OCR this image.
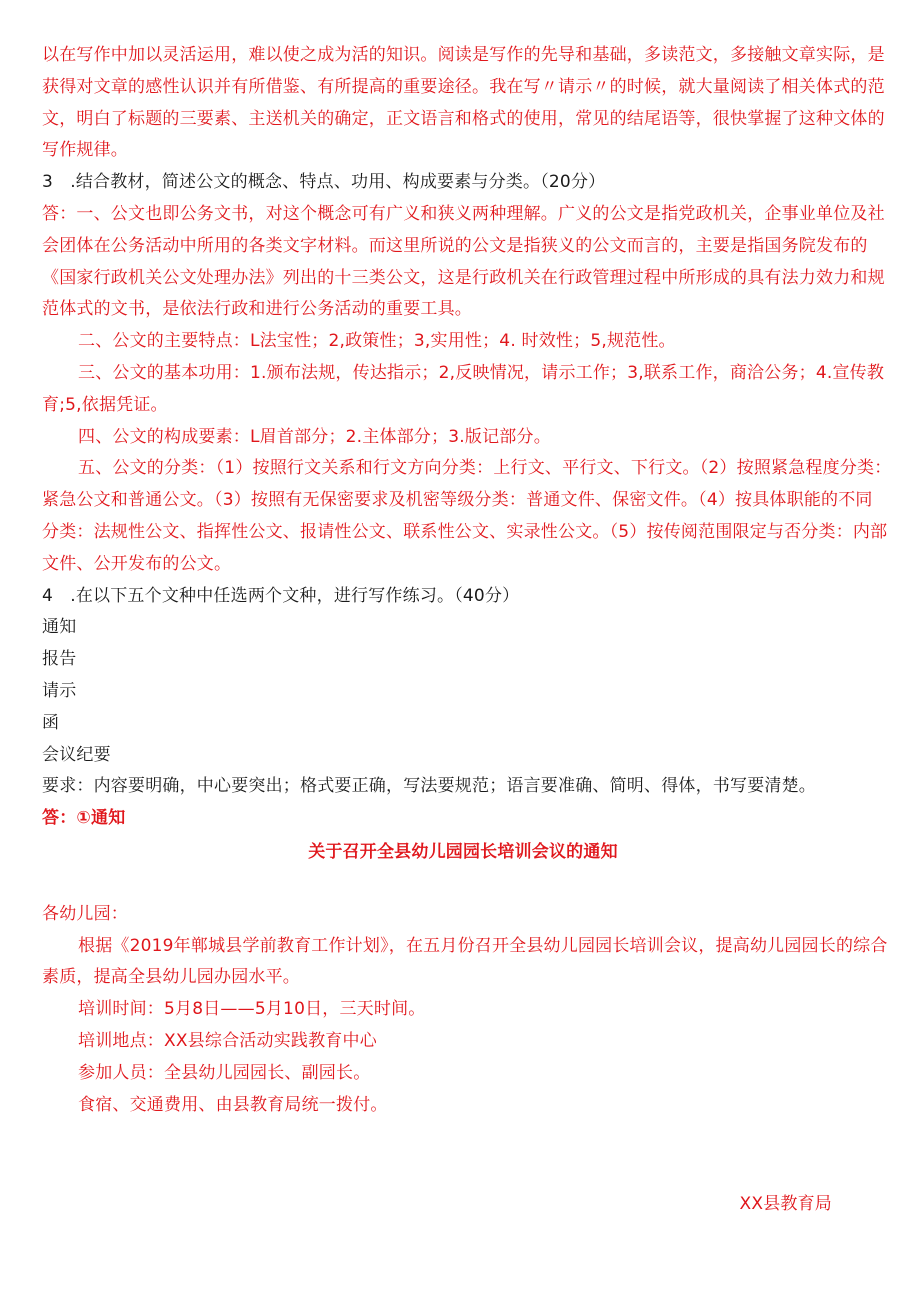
以在写作中加以灵活运用，难以使之成为活的知识。阅读是写作的先导和基础，多读范文，多接触文章实际，是
获得对文章的感性认识并有所借鉴、有所提高的重要途径。我在写〃请示〃的时候，就大量阅读了相关体式的范
文，明白了标题的三要素、主送机关的确定，正文语言和格式的使用，常见的结尾语等，很快掌握了这种文体的
写作规律。
3　.结合教材，简述公文的概念、特点、功用、构成要素与分类。（20分）
答：一、公文也即公务文书，对这个概念可有广义和狭义两种理解。广义的公文是指党政机关，企事业单位及社
会团体在公务活动中所用的各类文字材料。而这里所说的公文是指狭义的公文而言的，主要是指国务院发布的
《国家行政机关公文处理办法》列出的十三类公文，这是行政机关在行政管理过程中所形成的具有法力效力和规
范体式的文书，是依法行政和进行公务活动的重要工具。
二、公文的主要特点：L法宝性；2,政策性；3,实用性；4. 时效性；5,规范性。
三、公文的基本功用：1.颁布法规，传达指示；2,反映情况，请示工作；3,联系工作，商洽公务；4.宣传教
育;5,依据凭证。
四、公文的构成要素：L眉首部分；2.主体部分；3.版记部分。
五、公文的分类：（1）按照行文关系和行文方向分类：上行文、平行文、下行文。（2）按照紧急程度分类：
紧急公文和普通公文。（3）按照有无保密要求及机密等级分类：普通文件、保密文件。（4）按具体职能的不同
分类：法规性公文、指挥性公文、报请性公文、联系性公文、实录性公文。（5）按传阅范围限定与否分类：内部
文件、公开发布的公文。
4　.在以下五个文种中任选两个文种，进行写作练习。（40分）
通知
报告
请示
函
会议纪要
要求：内容要明确，中心要突出；格式要正确，写法要规范；语言要准确、简明、得体，书写要清楚。
答：①通知
关于召开全县幼儿园园长培训会议的通知
各幼儿园：
根据《2019年郸城县学前教育工作计划》，在五月份召开全县幼儿园园长培训会议，提高幼儿园园长的综合
素质，提高全县幼儿园办园水平。
培训时间：5月8日——5月10日，三天时间。
培训地点：XX县综合活动实践教育中心
参加人员：全县幼儿园园长、副园长。
食宿、交通费用、由县教育局统一拨付。
XX县教育局
